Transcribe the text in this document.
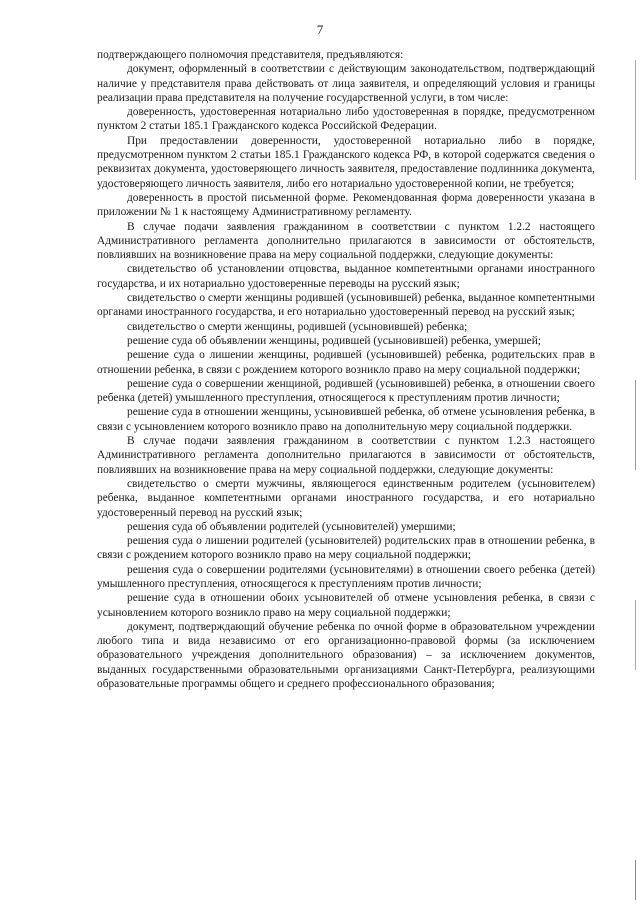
7

подтверждающего полномочия представителя, предъявляются:

документ, оформленный в соответствии с действующим законодательством, подтверждающий наличие у представителя права действовать от лица заявителя, и определяющий условия и границы реализации права представителя на получение государственной услуги, в том числе:

доверенность, удостоверенная нотариально либо удостоверенная в порядке, предусмотренном пунктом 2 статьи 185.1 Гражданского кодекса Российской Федерации.

При предоставлении доверенности, удостоверенной нотариально либо в порядке, предусмотренном пунктом 2 статьи 185.1 Гражданского кодекса РФ, в которой содержатся сведения о реквизитах документа, удостоверяющего личность заявителя, предоставление подлинника документа, удостоверяющего личность заявителя, либо его нотариально удостоверенной копии, не требуется;

доверенность в простой письменной форме. Рекомендованная форма доверенности указана в приложении № 1 к настоящему Административному регламенту.

В случае подачи заявления гражданином в соответствии с пунктом 1.2.2 настоящего Административного регламента дополнительно прилагаются в зависимости от обстоятельств, повлиявших на возникновение права на меру социальной поддержки, следующие документы:

свидетельство об установлении отцовства, выданное компетентными органами иностранного государства, и их нотариально удостоверенные переводы на русский язык;

свидетельство о смерти женщины родившей (усыновившей) ребенка, выданное компетентными органами иностранного государства, и его нотариально удостоверенный перевод на русский язык;

свидетельство о смерти женщины, родившей (усыновившей) ребенка;

решение суда об объявлении женщины, родившей (усыновившей) ребенка, умершей;

решение суда о лишении женщины, родившей (усыновившей) ребенка, родительских прав в отношении ребенка, в связи с рождением которого возникло право на меру социальной поддержки;

решение суда о совершении женщиной, родившей (усыновившей) ребенка, в отношении своего ребенка (детей) умышленного преступления, относящегося к преступлениям против личности;

решение суда в отношении женщины, усыновившей ребенка, об отмене усыновления ребенка, в связи с усыновлением которого возникло право на дополнительную меру социальной поддержки.

В случае подачи заявления гражданином в соответствии с пунктом 1.2.3 настоящего Административного регламента дополнительно прилагаются в зависимости от обстоятельств, повлиявших на возникновение права на меру социальной поддержки, следующие документы:

свидетельство о смерти мужчины, являющегося единственным родителем (усыновителем) ребенка, выданное компетентными органами иностранного государства, и его нотариально удостоверенный перевод на русский язык;

решения суда об объявлении родителей (усыновителей) умершими;

решения суда о лишении родителей (усыновителей) родительских прав в отношении ребенка, в связи с рождением которого возникло право на меру социальной поддержки;

решения суда о совершении родителями (усыновителями) в отношении своего ребенка (детей) умышленного преступления, относящегося к преступлениям против личности;

решение суда в отношении обоих усыновителей об отмене усыновления ребенка, в связи с усыновлением которого возникло право на меру социальной поддержки;

документ, подтверждающий обучение ребенка по очной форме в образовательном учреждении любого типа и вида независимо от его организационно-правовой формы (за исключением образовательного учреждения дополнительного образования) – за исключением документов, выданных государственными образовательными организациями Санкт-Петербурга, реализующими образовательные программы общего и среднего профессионального образования;
